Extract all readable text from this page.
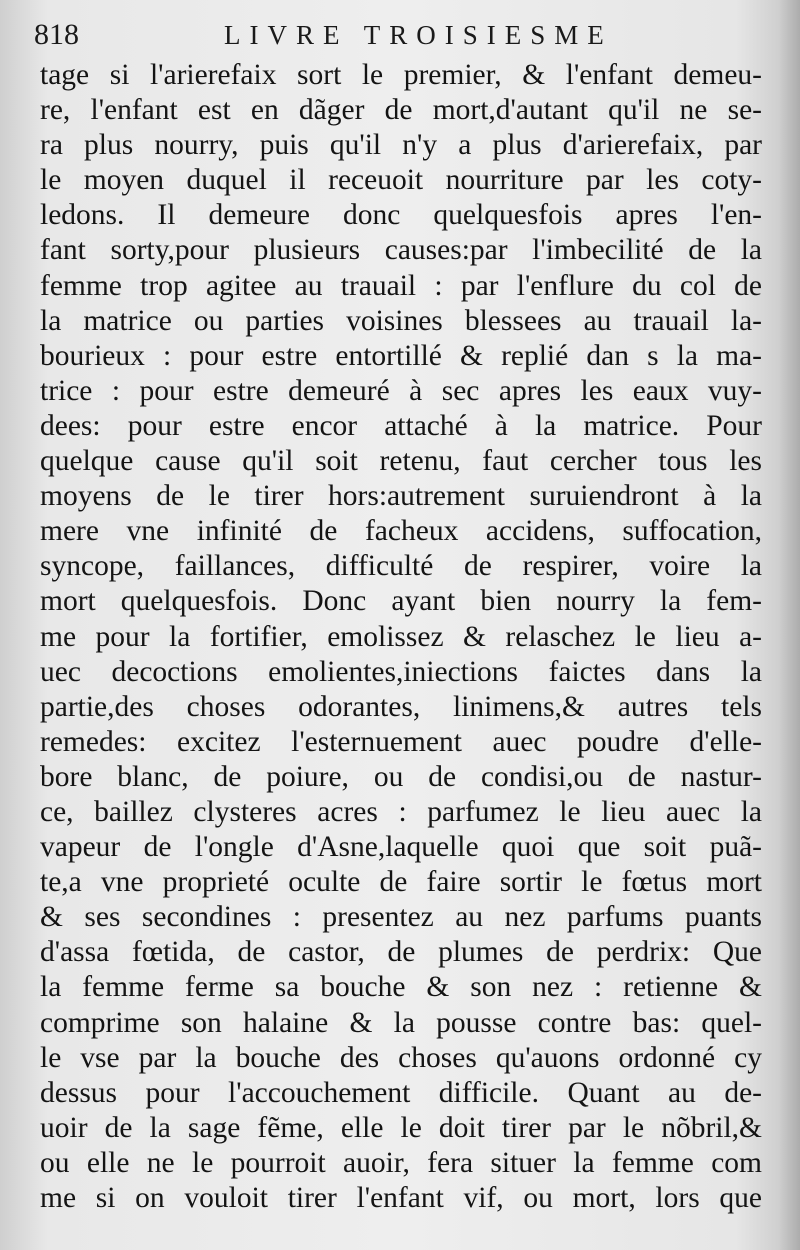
818	LIVRE TROISIESME
tage si l'arierefaix sort le premier, & l'enfant demeu-
re, l'enfant est en dãger de mort,d'autant qu'il ne se-
ra plus nourry, puis qu'il n'y a plus d'arierefaix, par
le moyen duquel il receuoit nourriture par les coty-
ledons. Il demeure donc quelquesfois apres l'en-
fant sorty,pour plusieurs causes:par l'imbecilité de la
femme trop agitee au trauail : par l'enflure du col de
la matrice ou parties voisines blessees au trauail la-
bourieux : pour estre entortillé & replié dan s la ma-
trice : pour estre demeuré à sec apres les eaux vuy-
dees: pour estre encor attaché à la matrice. Pour
quelque cause qu'il soit retenu, faut cercher tous les
moyens de le tirer hors:autrement suruiendront à la
mere vne infinité de facheux accidens, suffocation,
syncope, faillances, difficulté de respirer, voire la
mort quelquesfois. Donc ayant bien nourry la fem-
me pour la fortifier, emolissez & relaschez le lieu a-
uec decoctions emolientes,iniections faictes dans la
partie,des choses odorantes, linimens,& autres tels
remedes: excitez l'esternuement auec poudre d'elle-
bore blanc, de poiure, ou de condisi,ou de nastur-
ce, baillez clysteres acres : parfumez le lieu auec la
vapeur de l'ongle d'Asne,laquelle quoi que soit puã-
te,a vne proprieté oculte de faire sortir le fœtus mort
& ses secondines : presentez au nez parfums puants
d'assa fœtida, de castor, de plumes de perdrix: Que
la femme ferme sa bouche & son nez : retienne &
comprime son halaine & la pousse contre bas: quel-
le vse par la bouche des choses qu'auons ordonné cy
dessus pour l'accouchement difficile. Quant au de-
uoir de la sage fẽme, elle le doit tirer par le nõbril,&
ou elle ne le pourroit auoir, fera situer la femme com
me si on vouloit tirer l'enfant vif, ou mort, lors que
